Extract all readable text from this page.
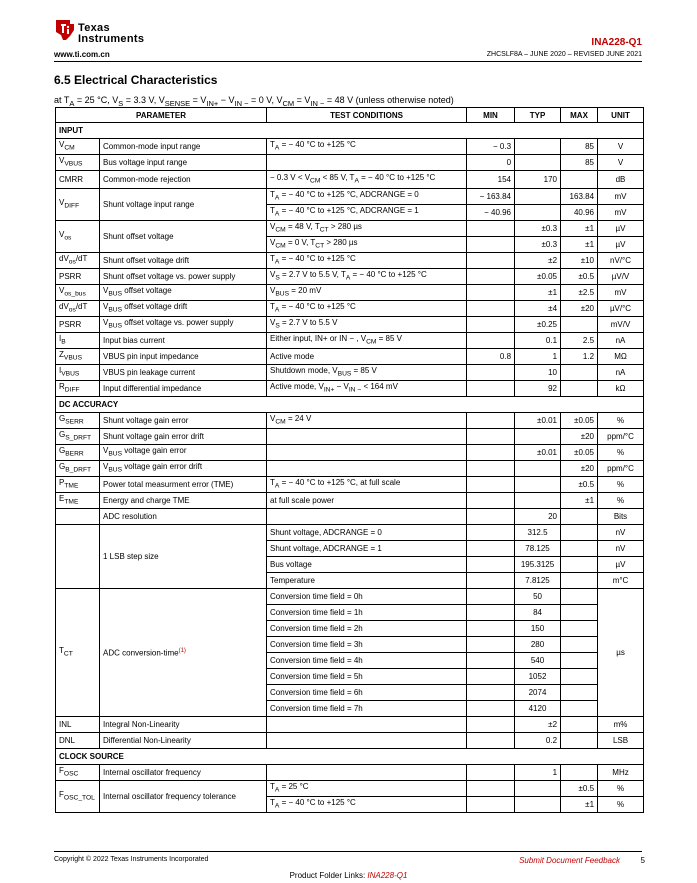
Texas
Instruments
www.ti.com.cn
INA228-Q1
ZHCSLF8A – JUNE 2020 – REVISED JUNE 2021
6.5 Electrical Characteristics
at $T_A = 25$ °C, $V_S = 3.3$ V, $V_{SENSE} = V_{IN+} - V_{IN -} = 0$ V, $V_{CM} = V_{IN -} = 48$ V (unless otherwise noted)
PARAMETER		TEST CONDITIONS	MIN	TYP	MAX	UNIT
INPUT						
$V_{CM}$	Common-mode input range	$T_A$ = − 40 °C to +125 °C	− 0.3		85	V
$V_{VBUS}$	Bus voltage input range		0		85	V
CMRR	Common-mode rejection	− 0.3 $V < V_{CM} < 85$ V, $T_A$ = − 40 °C to +125 °C	154	170		dB
$V_{DIFF}$	Shunt voltage input range	$T_A$ = − 40 °C to +125 °C, ADCRANGE = 0	− 163.84		163.84	mV
		$T_A$ = − 40 °C to +125 °C, ADCRANGE = 1	− 40.96		40.96	mV
$V_{os}$	Shunt offset voltage	$V_{CM} = 48$ V, $T_{CT} > 280$ µs		±0.3	±1	µV
		$V_{CM} = 0$ V, $T_{CT} > 280$ µs		±0.3	±1	µV
$dV_{os}/dT$	Shunt offset voltage drift	$T_A$ = − 40 °C to +125 °C		±2	±10	nV/°C
PSRR	Shunt offset voltage vs. power supply	$V_S = 2.7$ V to 5.5 V, $T_A$ = − 40 °C to +125 °C		±0.05	±0.5	µV/V
$V_{os\_bus}$	$V_{BUS}$ offset voltage	$V_{BUS} = 20$ mV		±1	±2.5	mV
$dV_{os}/dT$	$V_{BUS}$ offset voltage drift	$T_A$ = − 40 °C to +125 °C		±4	±20	µV/°C
PSRR	$V_{BUS}$ offset voltage vs. power supply	$V_S = 2.7$ V to 5.5 V		±0.25		mV/V
$I_B$	Input bias current	Either input, IN+ or IN − , $V_{CM} = 85$ V		0.1	2.5	nA
$Z_{VBUS}$	VBUS pin input impedance	Active mode	0.8	1	1.2	MΩ
$I_{VBUS}$	VBUS pin leakage current	Shutdown mode, $V_{BUS} = 85$ V		10		nA
$R_{DIFF}$	Input differential impedance	Active mode, $V_{IN+} - V_{IN -} < 164$ mV		92		kΩ
DC ACCURACY						
$G_{SERR}$	Shunt voltage gain error	$V_{CM} = 24$ V		±0.01	±0.05	%
$G_{S\_DRFT}$	Shunt voltage gain error drift				±20	ppm/°C
$G_{BERR}$	$V_{BUS}$ voltage gain error			±0.01	±0.05	%
$G_{B\_DRFT}$	$V_{BUS}$ voltage gain error drift				±20	ppm/°C
$P_{TME}$	Power total measurment error (TME)	$T_A$ = − 40 °C to +125 °C, at full scale			±0.5	%
$E_{TME}$	Energy and charge TME	at full scale power			±1	%
	ADC resolution			20		Bits
	1 LSB step size	Shunt voltage, ADCRANGE = 0		312.5		nV
		Shunt voltage, ADCRANGE = 1		78.125		nV
		Bus voltage		195.3125		µV
		Temperature		7.8125		m°C
$T_{CT}$	ADC conversion-time$^{(1)}$	Conversion time field = 0h		50		µs
		Conversion time field = 1h		84		
		Conversion time field = 2h		150		
		Conversion time field = 3h		280		
		Conversion time field = 4h		540		
		Conversion time field = 5h		1052		
		Conversion time field = 6h		2074		
		Conversion time field = 7h		4120		
INL	Integral Non-Linearity			±2		m%
DNL	Differential Non-Linearity			0.2		LSB
CLOCK SOURCE						
$F_{OSC}$	Internal oscillator frequency			1		MHz
$F_{OSC\_TOL}$	Internal oscillator frequency tolerance	$T_A = 25$ °C			±0.5	%
		$T_A$ = − 40 °C to +125 °C			±1	%
Copyright © 2022 Texas Instruments Incorporated	Submit Document Feedback	5
Product Folder Links: INA228-Q1
